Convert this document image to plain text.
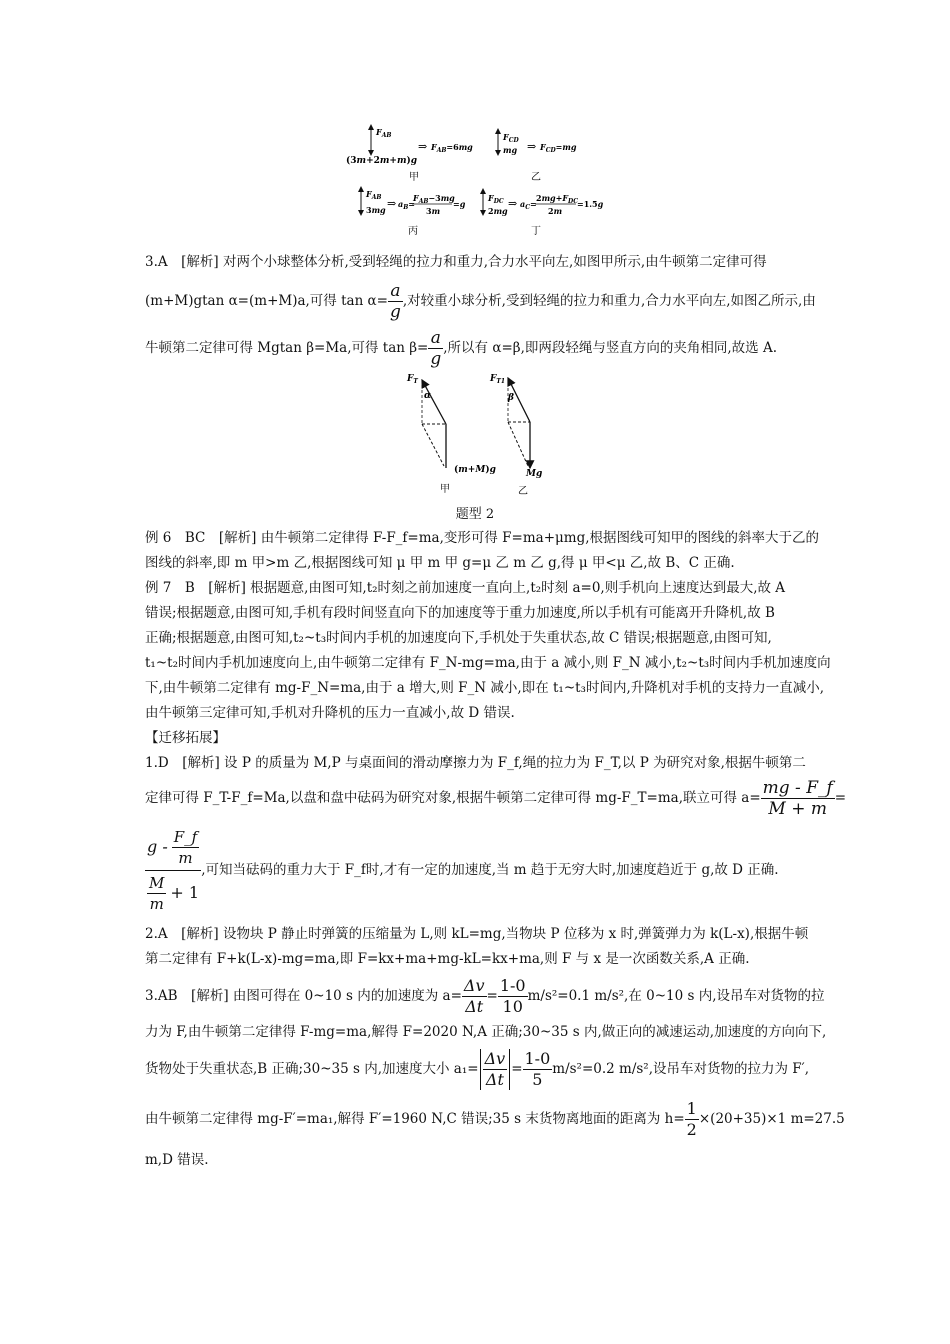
$F_{AB}$
(3m+2m+m)g
⇒ $F_{AB}=6mg$
甲
$F_{CD}$
mg ⇒ $F_{CD}=mg$
乙
$F_{AB}$
3mg ⇒ $a_B=$
$F_{AB}-3mg$
3m
=g
丙
$F_{DC}$
2mg
⇒ $a_C=$
$2mg+F_{DC}$
2m
=1.5g
丁
3.A　[解析] 对两个小球整体分析,受到轻绳的拉力和重力,合力水平向左,如图甲所示,由牛顿第二定律可得
(m+M)gtan α=(m+M)a,可得 $\tan \alpha= \frac{a}{g}$ ,对较重小球分析,受到轻绳的拉力和重力,合力水平向左,如图乙所示,由
牛顿第二定律可得 Mgtan β=Ma,可得 $\tan \beta= \frac{a}{g}$ ,所以有 α=β,即两段轻绳与竖直方向的夹角相同,故选 A.
$F_T$
α
(m+M)g
甲
$F_{T1}$
β
Mg
乙
题型 2
例 6　BC　[解析] 由牛顿第二定律得 F-F_f=ma,变形可得 F=ma+μmg,根据图线可知甲的图线的斜率大于乙的
图线的斜率,即 m 甲>m 乙,根据图线可知 μ 甲 m 甲 g=μ 乙 m 乙 g,得 μ 甲<μ 乙,故 B、C 正确.
例 7　B　[解析] 根据题意,由图可知,t₂时刻之前加速度一直向上,t₂时刻 a=0,则手机向上速度达到最大,故 A
错误;根据题意,由图可知,手机有段时间竖直向下的加速度等于重力加速度,所以手机有可能离开升降机,故 B
正确;根据题意,由图可知,t₂~t₃时间内手机的加速度向下,手机处于失重状态,故 C 错误;根据题意,由图可知,
t₁~t₂时间内手机加速度向上,由牛顿第二定律有 F_N-mg=ma,由于 a 减小,则 F_N 减小,t₂~t₃时间内手机加速度向
下,由牛顿第二定律有 mg-F_N=ma,由于 a 增大,则 F_N 减小,即在 t₁~t₃时间内,升降机对手机的支持力一直减小,
由牛顿第三定律可知,手机对升降机的压力一直减小,故 D 错误.
【迁移拓展】
1.D　[解析] 设 P 的质量为 M,P 与桌面间的滑动摩擦力为 F_f,绳的拉力为 F_T,以 P 为研究对象,根据牛顿第二
定律可得 F_T-F_f=Ma,以盘和盘中砝码为研究对象,根据牛顿第二定律可得 mg-F_T=ma,联立可得 $a= \frac{mg - F\_f}{M + m}$ =
$\frac{g - \frac{F\_f}{m}}{\frac{M}{m} + 1}$ ,可知当砝码的重力大于 F_f时,才有一定的加速度,当 m 趋于无穷大时,加速度趋近于 g,故 D 正确.
2.A　[解析] 设物块 P 静止时弹簧的压缩量为 L,则 kL=mg,当物块 P 位移为 x 时,弹簧弹力为 k(L-x),根据牛顿
第二定律有 F+k(L-x)-mg=ma,即 F=kx+ma+mg-kL=kx+ma,则 F 与 x 是一次函数关系,A 正确.
3.AB　[解析] 由图可得在 0~10 s 内的加速度为 $a= \frac{\Delta v}{\Delta t} = \frac{1-0}{10} m/s^2=0.1$ m/s²,在 0~10 s 内,设吊车对货物的拉
力为 F,由牛顿第二定律得 F-mg=ma,解得 F=2020 N,A 正确;30~35 s 内,做正向的减速运动,加速度的方向向下,
货物处于失重状态,B 正确;30~35 s 内,加速度大小 $a_1= \frac{\Delta v}{\Delta t} = \frac{1-0}{5} m/s^2=0.2$ m/s²,设吊车对货物的拉力为 F′,
由牛顿第二定律得 mg-F′=ma₁,解得 F′=1960 N,C 错误;35 s 末货物离地面的距离为 $h= \frac{1}{2} \times(20+35)\times 1$ m=27.5
m,D 错误.
